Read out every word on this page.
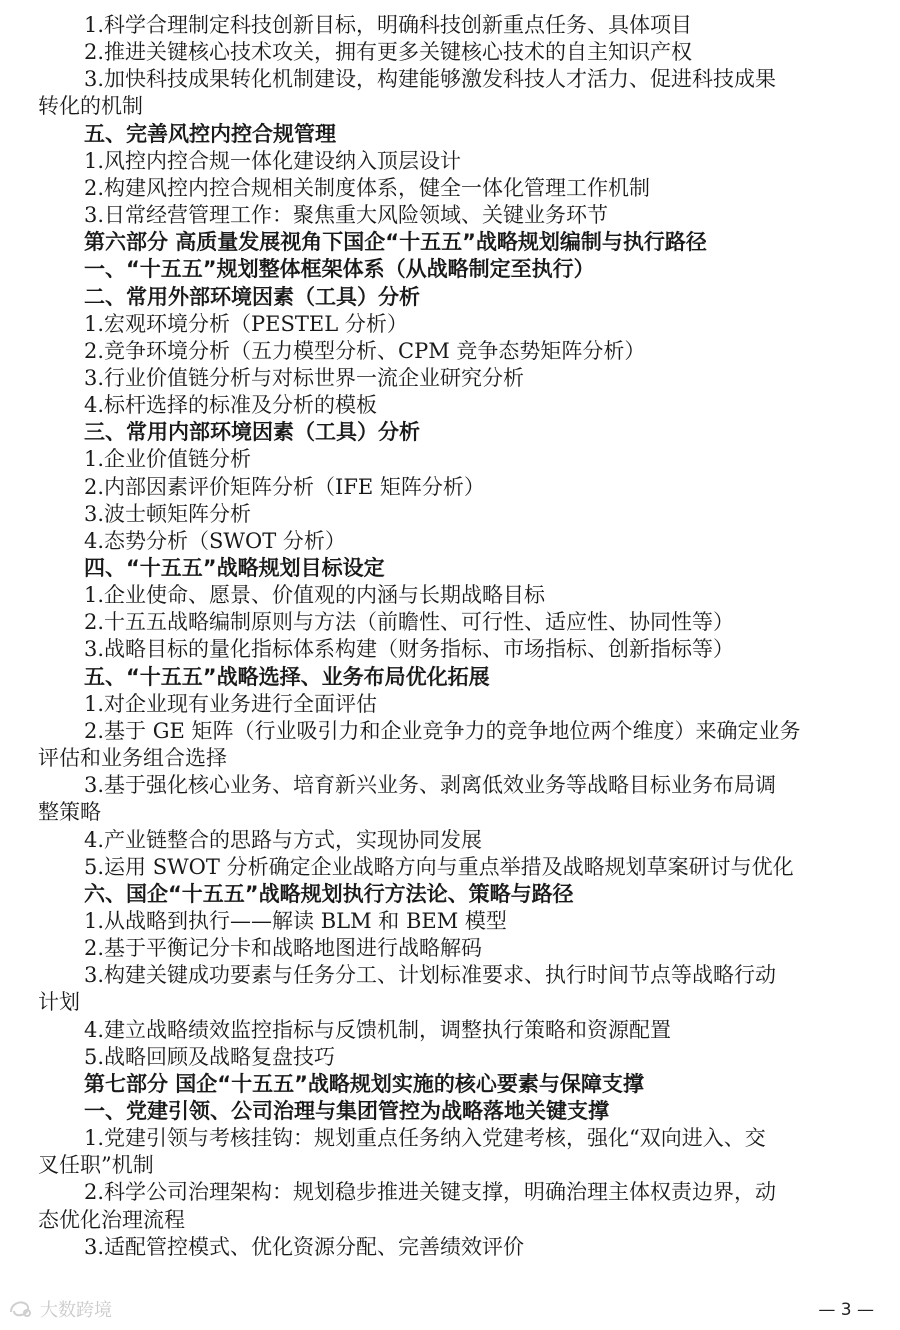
1.科学合理制定科技创新目标，明确科技创新重点任务、具体项目
2.推进关键核心技术攻关，拥有更多关键核心技术的自主知识产权
3.加快科技成果转化机制建设，构建能够激发科技人才活力、促进科技成果
转化的机制
五、完善风控内控合规管理
1.风控内控合规一体化建设纳入顶层设计
2.构建风控内控合规相关制度体系，健全一体化管理工作机制
3.日常经营管理工作：聚焦重大风险领域、关键业务环节
第六部分 高质量发展视角下国企“十五五”战略规划编制与执行路径
一、“十五五”规划整体框架体系（从战略制定至执行）
二、常用外部环境因素（工具）分析
1.宏观环境分析（PESTEL 分析）
2.竞争环境分析（五力模型分析、CPM 竞争态势矩阵分析）
3.行业价值链分析与对标世界一流企业研究分析
4.标杆选择的标准及分析的模板
三、常用内部环境因素（工具）分析
1.企业价值链分析
2.内部因素评价矩阵分析（IFE 矩阵分析）
3.波士顿矩阵分析
4.态势分析（SWOT 分析）
四、“十五五”战略规划目标设定
1.企业使命、愿景、价值观的内涵与长期战略目标
2.十五五战略编制原则与方法（前瞻性、可行性、适应性、协同性等）
3.战略目标的量化指标体系构建（财务指标、市场指标、创新指标等）
五、“十五五”战略选择、业务布局优化拓展
1.对企业现有业务进行全面评估
2.基于 GE 矩阵（行业吸引力和企业竞争力的竞争地位两个维度）来确定业务
评估和业务组合选择
3.基于强化核心业务、培育新兴业务、剥离低效业务等战略目标业务布局调
整策略
4.产业链整合的思路与方式，实现协同发展
5.运用 SWOT 分析确定企业战略方向与重点举措及战略规划草案研讨与优化
六、国企“十五五”战略规划执行方法论、策略与路径
1.从战略到执行——解读 BLM 和 BEM 模型
2.基于平衡记分卡和战略地图进行战略解码
3.构建关键成功要素与任务分工、计划标准要求、执行时间节点等战略行动
计划
4.建立战略绩效监控指标与反馈机制，调整执行策略和资源配置
5.战略回顾及战略复盘技巧
第七部分 国企“十五五”战略规划实施的核心要素与保障支撑
一、党建引领、公司治理与集团管控为战略落地关键支撑
1.党建引领与考核挂钩：规划重点任务纳入党建考核，强化“双向进入、交
叉任职”机制
2.科学公司治理架构：规划稳步推进关键支撑，明确治理主体权责边界，动
态优化治理流程
3.适配管控模式、优化资源分配、完善绩效评价
大数跨境	— 3 —
